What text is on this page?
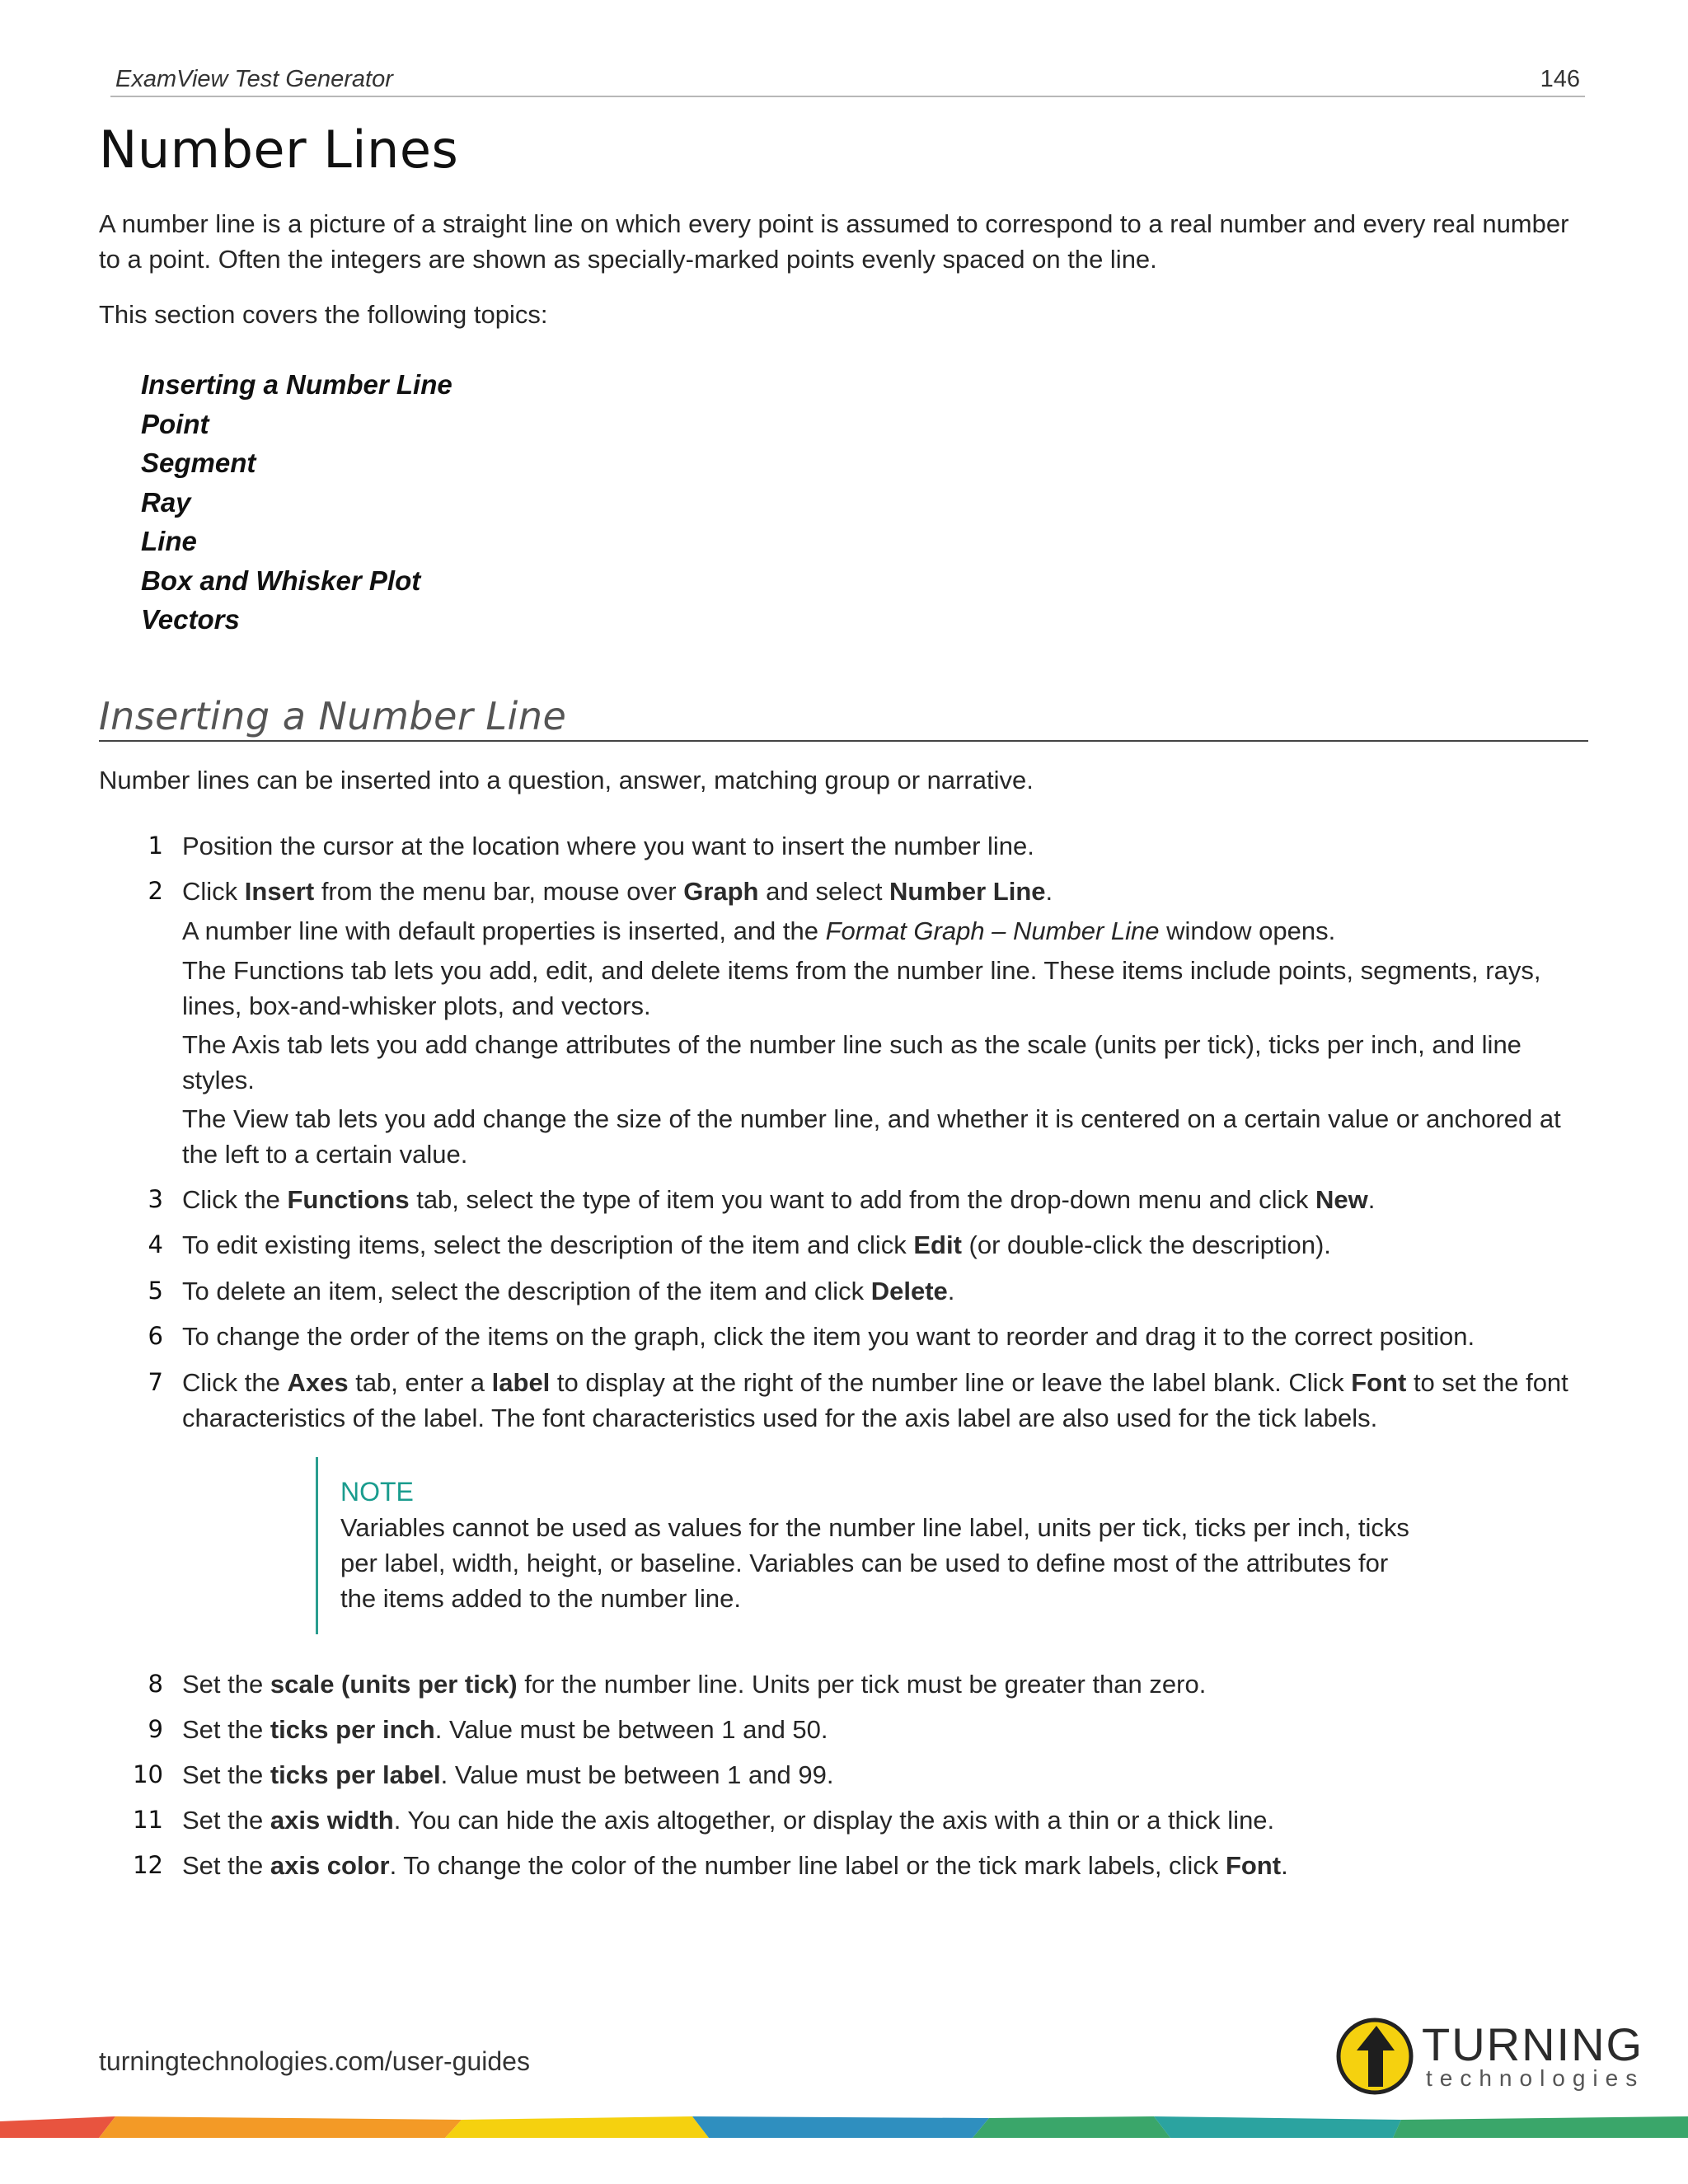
ExamView Test Generator	146
Number Lines

A number line is a picture of a straight line on which every point is assumed to correspond to a real number and every real number to a point. Often the integers are shown as specially-marked points evenly spaced on the line.

This section covers the following topics:

Inserting a Number Line
Point
Segment
Ray
Line
Box and Whisker Plot
Vectors
Inserting a Number Line

Number lines can be inserted into a question, answer, matching group or narrative.

1 Position the cursor at the location where you want to insert the number line.
2 Click Insert from the menu bar, mouse over Graph and select Number Line.

A number line with default properties is inserted, and the Format Graph – Number Line window opens.

The Functions tab lets you add, edit, and delete items from the number line. These items include points, segments, rays, lines, box-and-whisker plots, and vectors.

The Axis tab lets you add change attributes of the number line such as the scale (units per tick), ticks per inch, and line styles.

The View tab lets you add change the size of the number line, and whether it is centered on a certain value or anchored at the left to a certain value.

3 Click the Functions tab, select the type of item you want to add from the drop-down menu and click New.
4 To edit existing items, select the description of the item and click Edit (or double-click the description).
5 To delete an item, select the description of the item and click Delete.
6 To change the order of the items on the graph, click the item you want to reorder and drag it to the correct position.
7 Click the Axes tab, enter a label to display at the right of the number line or leave the label blank. Click Font to set the font characteristics of the label. The font characteristics used for the axis label are also used for the tick labels.
NOTE
Variables cannot be used as values for the number line label, units per tick, ticks per inch, ticks per label, width, height, or baseline. Variables can be used to define most of the attributes for the items added to the number line.
8 Set the scale (units per tick) for the number line. Units per tick must be greater than zero.
9 Set the ticks per inch. Value must be between 1 and 50.
10 Set the ticks per label. Value must be between 1 and 99.
11 Set the axis width. You can hide the axis altogether, or display the axis with a thin or a thick line.
12 Set the axis color. To change the color of the number line label or the tick mark labels, click Font.
turningtechnologies.com/user-guides	TURNING
technologies
